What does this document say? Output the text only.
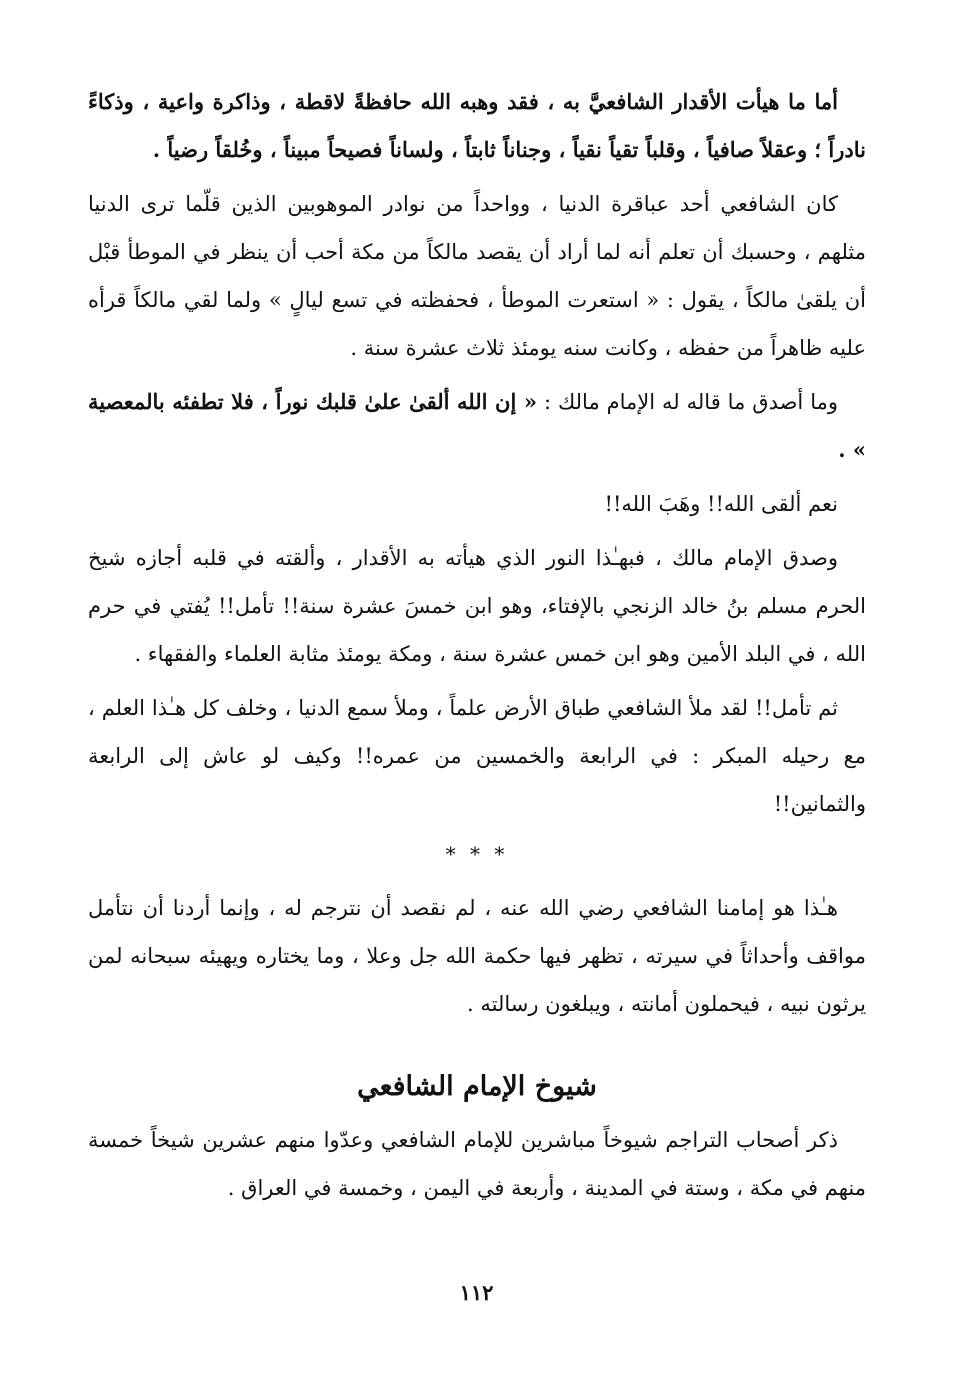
أما ما هيأت الأقدار الشافعيَّ به ، فقد وهبه الله حافظةً لاقطة ، وذاكرة واعية ، وذكاءً نادراً ؛ وعقلاً صافياً ، وقلباً تقياً نقياً ، وجناناً ثابتاً ، ولساناً فصيحاً مبيناً ، وخُلقاً رضياً .

كان الشافعي أحد عباقرة الدنيا ، وواحداً من نوادر الموهوبين الذين قلّما ترى الدنيا مثلهم ، وحسبك أن تعلم أنه لما أراد أن يقصد مالكاً من مكة أحب أن ينظر في الموطأ قبْل أن يلقىٰ مالكاً ، يقول : « استعرت الموطأ ، فحفظته في تسع ليالٍ » ولما لقي مالكاً قرأه عليه ظاهراً من حفظه ، وكانت سنه يومئذ ثلاث عشرة سنة .

وما أصدق ما قاله له الإمام مالك : « إن الله ألقىٰ علىٰ قلبك نوراً ، فلا تطفئه بالمعصية » .

نعم ألقى الله!! وهَبَ الله!!

وصدق الإمام مالك ، فبهـٰذا النور الذي هيأته به الأقدار ، وألقته في قلبه أجازه شيخ الحرم مسلم بنُ خالد الزنجي بالإفتاء، وهو ابن خمسَ عشرة سنة!! تأمل!! يُفتي في حرم الله ، في البلد الأمين وهو ابن خمس عشرة سنة ، ومكة يومئذ مثابة العلماء والفقهاء .

ثم تأمل!! لقد ملأ الشافعي طباق الأرض علماً ، وملأ سمع الدنيا ، وخلف كل هـٰذا العلم ، مع رحيله المبكر : في الرابعة والخمسين من عمره!! وكيف لو عاش إلى الرابعة والثمانين!!

* * *

هـٰذا هو إمامنا الشافعي رضي الله عنه ، لم نقصد أن نترجم له ، وإنما أردنا أن نتأمل مواقف وأحداثاً في سيرته ، تظهر فيها حكمة الله جل وعلا ، وما يختاره ويهيئه سبحانه لمن يرثون نبيه ، فيحملون أمانته ، ويبلغون رسالته .

شيوخ الإمام الشافعي

ذكر أصحاب التراجم شيوخاً مباشرين للإمام الشافعي وعدّوا منهم عشرين شيخاً خمسة منهم في مكة ، وستة في المدينة ، وأربعة في اليمن ، وخمسة في العراق .

١١٢
